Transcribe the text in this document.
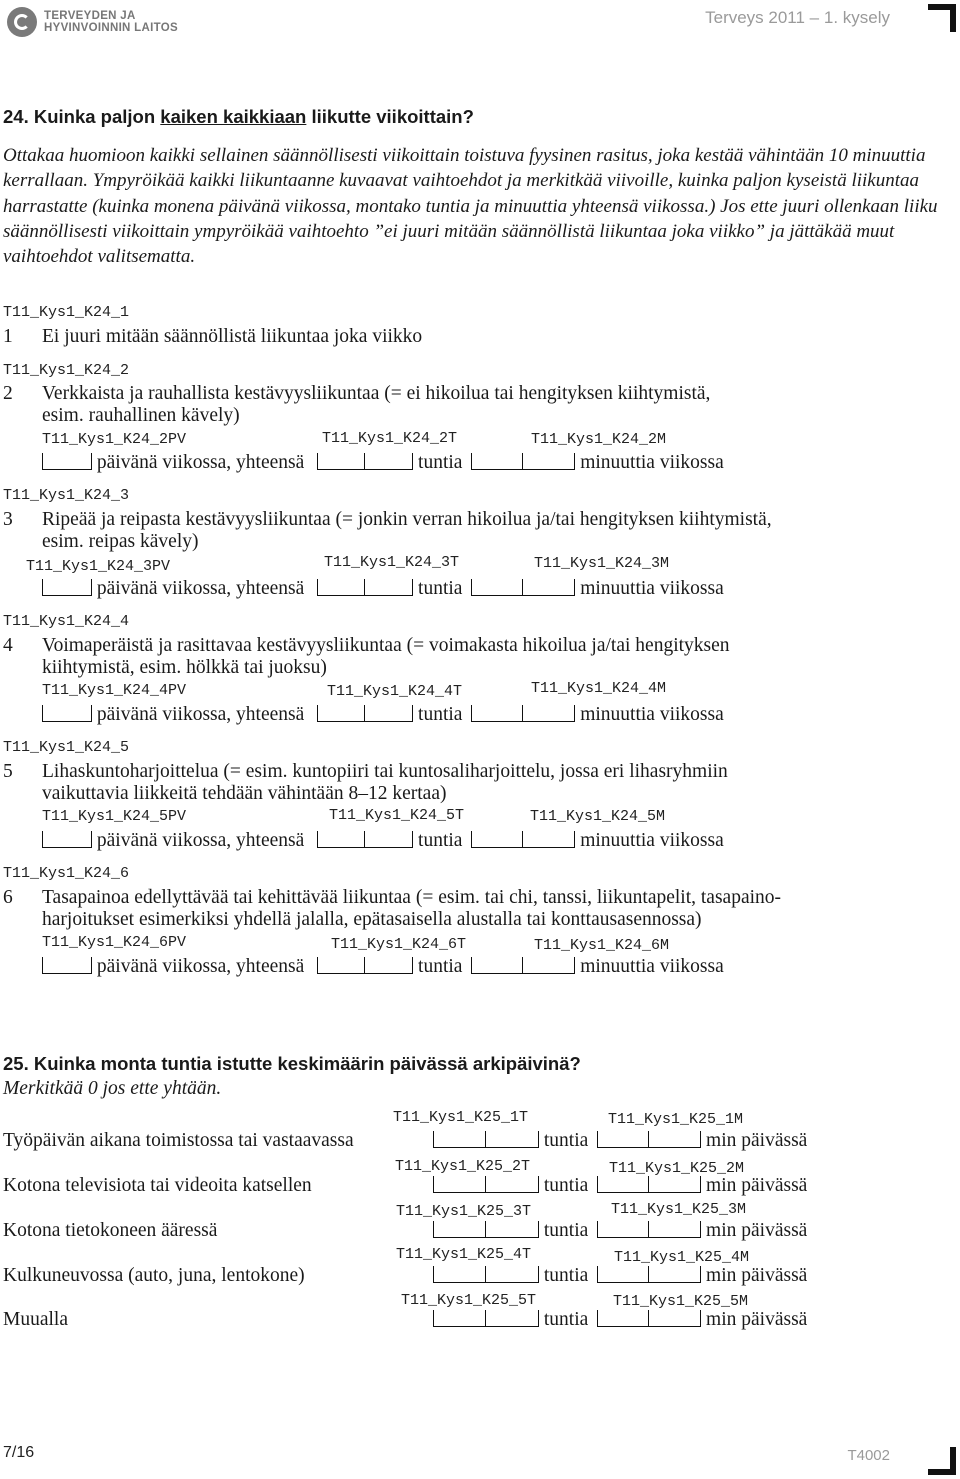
TERVEYDEN JA
HYVINVOINNIN LAITOS
Terveys 2011 – 1. kysely
24. Kuinka paljon kaiken kaikkiaan liikutte viikoittain?
Ottakaa huomioon kaikki sellainen säännöllisesti viikoittain toistuva fyysinen rasitus, joka kestää vähintään 10 minuuttia kerrallaan. Ympyröikää kaikki liikuntaanne kuvaavat vaihtoehdot ja merkitkää viivoille, kuinka paljon kyseistä liikuntaa harrastatte (kuinka monena päivänä viikossa, montako tuntia ja minuuttia yhteensä viikossa.) Jos ette juuri ollenkaan liiku säännöllisesti viikoittain ympyröikää vaihtoehto ”ei juuri mitään säännöllistä liikuntaa joka viikko” ja jättäkää muut vaihtoehdot valitsematta.
T11_Kys1_K24_1
1 Ei juuri mitään säännöllistä liikuntaa joka viikko
T11_Kys1_K24_2
2 Verkkaista ja rauhallista kestävyysliikuntaa (= ei hikoilua tai hengityksen kiihtymistä,
esim. rauhallinen kävely)
T11_Kys1_K24_2PV	T11_Kys1_K24_2T	T11_Kys1_K24_2M
päivänä viikossa, yhteensä	tuntia	minuuttia viikossa
T11_Kys1_K24_3
3 Ripeää ja reipasta kestävyysliikuntaa (= jonkin verran hikoilua ja/tai hengityksen kiihtymistä,
esim. reipas kävely)
T11_Kys1_K24_3PV	T11_Kys1_K24_3T	T11_Kys1_K24_3M
päivänä viikossa, yhteensä	tuntia	minuuttia viikossa
T11_Kys1_K24_4
4 Voimaperäistä ja rasittavaa kestävyysliikuntaa (= voimakasta hikoilua ja/tai hengityksen
kiihtymistä, esim. hölkkä tai juoksu)
T11_Kys1_K24_4PV	T11_Kys1_K24_4T	T11_Kys1_K24_4M
päivänä viikossa, yhteensä	tuntia	minuuttia viikossa
T11_Kys1_K24_5
5 Lihaskuntoharjoittelua (= esim. kuntopiiri tai kuntosaliharjoittelu, jossa eri lihasryhmiin
vaikuttavia liikkeitä tehdään vähintään 8–12 kertaa)
T11_Kys1_K24_5PV	T11_Kys1_K24_5T	T11_Kys1_K24_5M
päivänä viikossa, yhteensä	tuntia	minuuttia viikossa
T11_Kys1_K24_6
6 Tasapainoa edellyttävää tai kehittävää liikuntaa (= esim. tai chi, tanssi, liikuntapelit, tasapaino-
harjoitukset esimerkiksi yhdellä jalalla, epätasaisella alustalla tai konttausasennossa)
T11_Kys1_K24_6PV	T11_Kys1_K24_6T	T11_Kys1_K24_6M
päivänä viikossa, yhteensä	tuntia	minuuttia viikossa
25. Kuinka monta tuntia istutte keskimäärin päivässä arkipäivinä?
Merkitkää 0 jos ette yhtään.
T11_Kys1_K25_1T	T11_Kys1_K25_1M
Työpäivän aikana toimistossa tai vastaavassa	tuntia	min päivässä
T11_Kys1_K25_2T	T11_Kys1_K25_2M
Kotona televisiota tai videoita katsellen	tuntia	min päivässä
T11_Kys1_K25_3T	T11_Kys1_K25_3M
Kotona tietokoneen ääressä	tuntia	min päivässä
T11_Kys1_K25_4T	T11_Kys1_K25_4M
Kulkuneuvossa (auto, juna, lentokone)	tuntia	min päivässä
T11_Kys1_K25_5T	T11_Kys1_K25_5M
Muualla	tuntia	min päivässä
7/16	T4002
